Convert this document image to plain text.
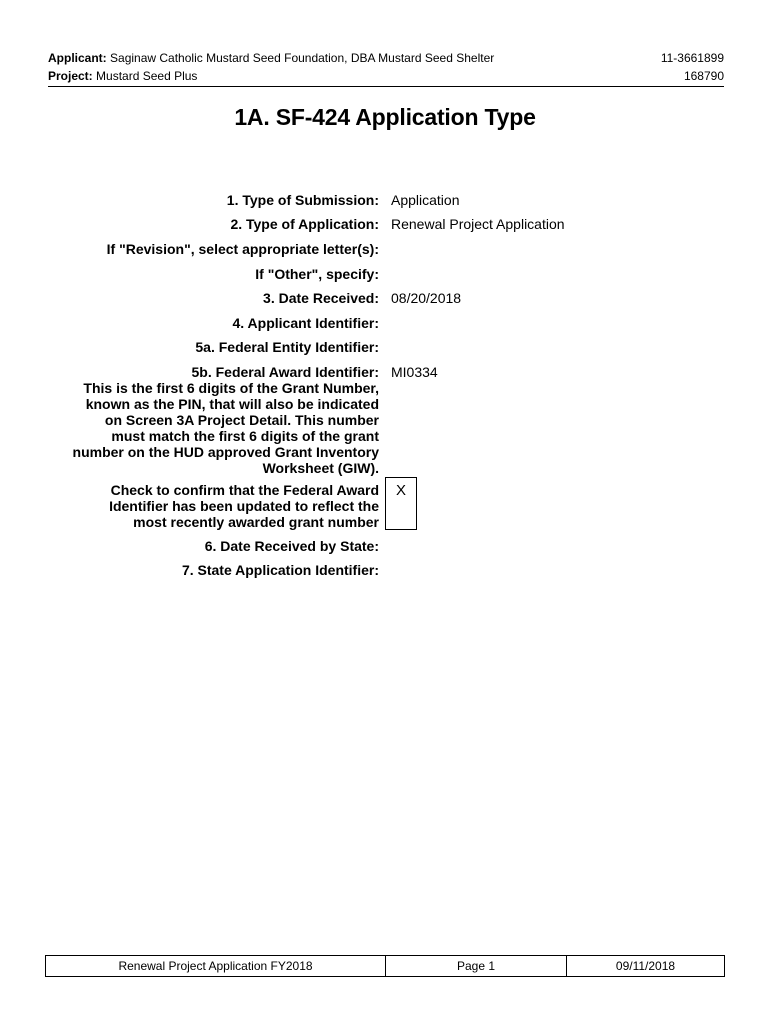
Applicant: Saginaw Catholic Mustard Seed Foundation, DBA Mustard Seed Shelter
Project: Mustard Seed Plus
11-3661899
168790
1A. SF-424 Application Type
1. Type of Submission: Application
2. Type of Application: Renewal Project Application
If "Revision", select appropriate letter(s):
If "Other", specify:
3. Date Received: 08/20/2018
4. Applicant Identifier:
5a. Federal Entity Identifier:
5b. Federal Award Identifier: MI0334
This is the first 6 digits of the Grant Number,
known as the PIN, that will also be indicated
on Screen 3A Project Detail. This number
must match the first 6 digits of the grant
number on the HUD approved Grant Inventory
Worksheet (GIW).
Check to confirm that the Federal Award
Identifier has been updated to reflect the
most recently awarded grant number
X
6. Date Received by State:
7. State Application Identifier:
Renewal Project Application FY2018	Page 1	09/11/2018
